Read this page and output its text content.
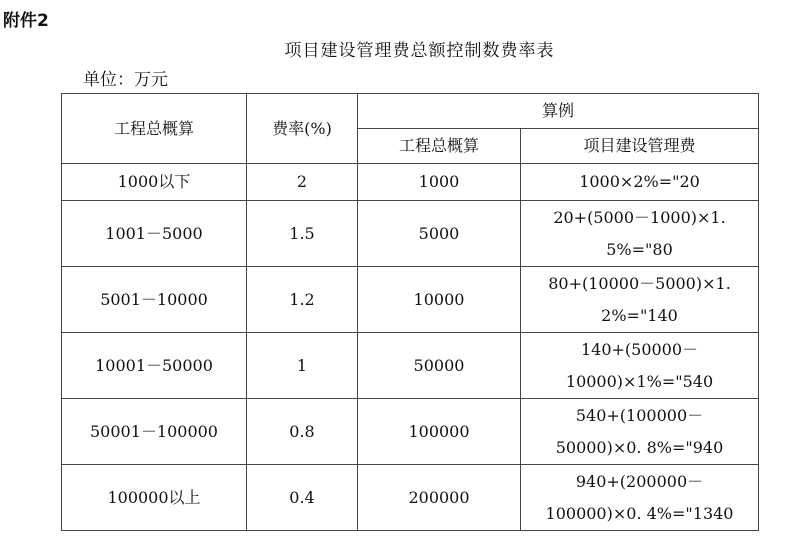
附件2
项目建设管理费总额控制数费率表
单位：万元
工程总概算	费率(%)	算例	
		工程总概算	项目建设管理费
1000以下	2	1000	1000×2%="20
1001－5000	1.5	5000	20+(5000－1000)×1.
5%="80
5001－10000	1.2	10000	80+(10000－5000)×1.
2%="140
10001－50000	1	50000	140+(50000－
10000)×1%="540
50001－100000	0.8	100000	540+(100000－
50000)×0. 8%="940
100000以上	0.4	200000	940+(200000－
100000)×0. 4%="1340
